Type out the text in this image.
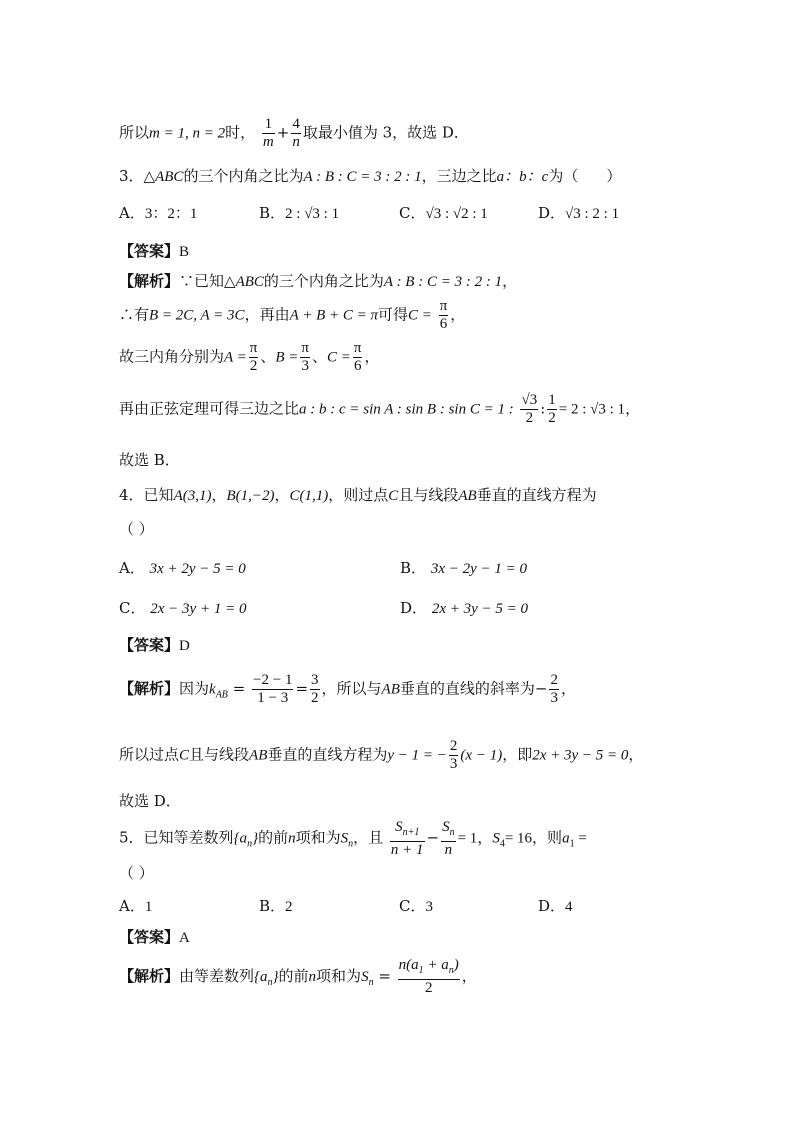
所以m = 1, n = 2时， $\frac{1}{m} + \frac{4}{n}$ 取最小值为 3，故选 D．
3．△ABC的三个内角之比为A : B : C = 3 : 2 : 1，三边之比a：b：c为（ ）
A．3：2：1	B．2 : √3 : 1	C．√3 : √2 : 1	D．√3 : 2 : 1
【答案】B
【解析】∵已知△ABC的三个内角之比为A : B : C = 3 : 2 : 1，
∴有B = 2C, A = 3C，再由A + B + C = π可得$C = \frac{\pi}{6}$ ，
故三内角分别为$A = \frac{\pi}{2}$ 、$B = \frac{\pi}{3}$ 、$C = \frac{\pi}{6}$ ，
再由正弦定理可得三边之比a : b : c = sin A : sin B : sin C = 1 : $\frac{√3}{2}$ : $\frac{1}{2} = 2$ : √3 : 1，
故选 B．
4．已知A(3,1)，B(1,−2)，C(1,1)，则过点C且与线段AB垂直的直线方程为
（ ）
A． 3x + 2y − 5 = 0	B． 3x − 2y − 1 = 0
C． 2x − 3y + 1 = 0	D． 2x + 3y − 5 = 0
【答案】D
【解析】因为$k_{AB} = \frac{-2 - 1}{1 - 3} = \frac{3}{2}$ ，所以与AB垂直的直线的斜率为− $\frac{2}{3}$ ，
所以过点C且与线段AB垂直的直线方程为y − 1 = − $\frac{2}{3} (x - 1)$，即2x + 3y − 5 = 0，
故选 D．
5．已知等差数列$\{a_n\}$的前n项和为$S_n$，且 $\frac{S_{n+1}}{n + 1} - \frac{S_n}{n} = 1$，$S_4= 16$，则$a_1$ =
（ ）
A．1	B．2	C．3	D．4
【答案】A
【解析】由等差数列$\{a_n\}$的前n项和为$S_n = \frac{n(a_1 + a_n)}{2}$ ，
